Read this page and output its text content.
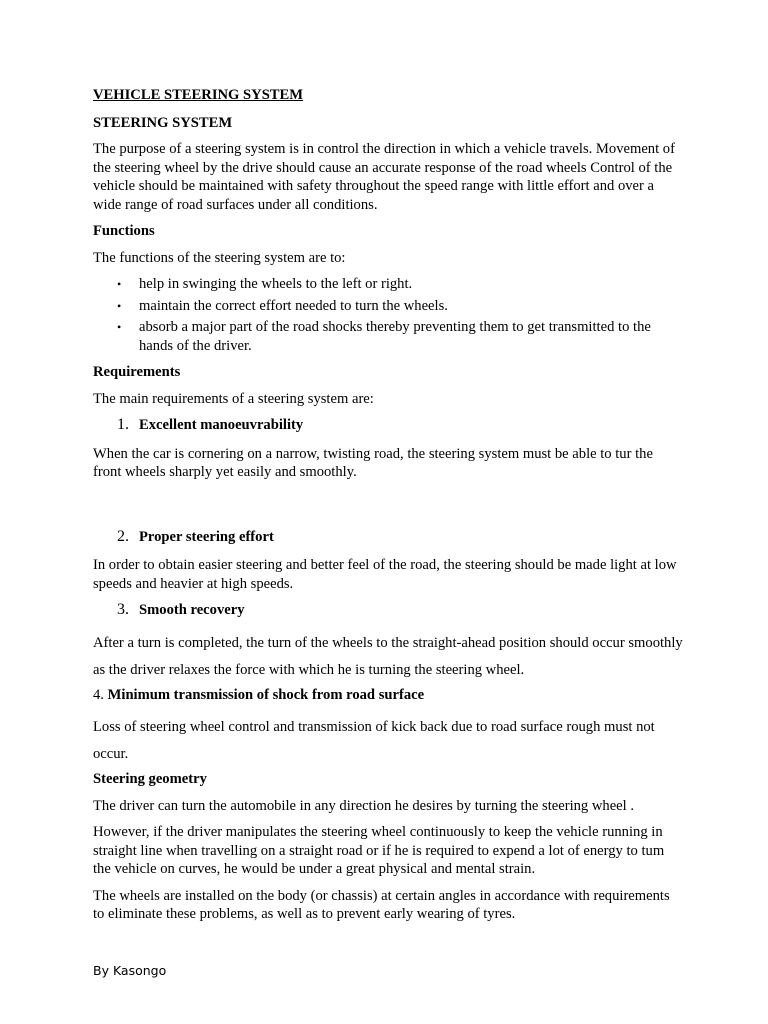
VEHICLE STEERING SYSTEM
STEERING SYSTEM

The purpose of a steering system is in control the direction in which a vehicle travels. Movement of the steering wheel by the drive should cause an accurate response of the road wheels Control of the vehicle should be maintained with safety throughout the speed range with little effort and over a wide range of road surfaces under all conditions.

Functions

The functions of the steering system are to:

• help in swinging the wheels to the left or right.
• maintain the correct effort needed to turn the wheels.
• absorb a major part of the road shocks thereby preventing them to get transmitted to the hands of the driver.
Requirements

The main requirements of a steering system are:

1. Excellent manoeuvrability

When the car is cornering on a narrow, twisting road, the steering system must be able to tur the front wheels sharply yet easily and smoothly.

2. Proper steering effort

In order to obtain easier steering and better feel of the road, the steering should be made light at low speeds and heavier at high speeds.

3. Smooth recovery

After a turn is completed, the turn of the wheels to the straight-ahead position should occur smoothly as the driver relaxes the force with which he is turning the steering wheel.

4. Minimum transmission of shock from road surface

Loss of steering wheel control and transmission of kick back due to road surface rough must not occur.

Steering geometry

The driver can turn the automobile in any direction he desires by turning the steering wheel .

However, if the driver manipulates the steering wheel continuously to keep the vehicle running in straight line when travelling on a straight road or if he is required to expend a lot of energy to tum the vehicle on curves, he would be under a great physical and mental strain.

The wheels are installed on the body (or chassis) at certain angles in accordance with requirements to eliminate these problems, as well as to prevent early wearing of tyres.

By Kasongo
